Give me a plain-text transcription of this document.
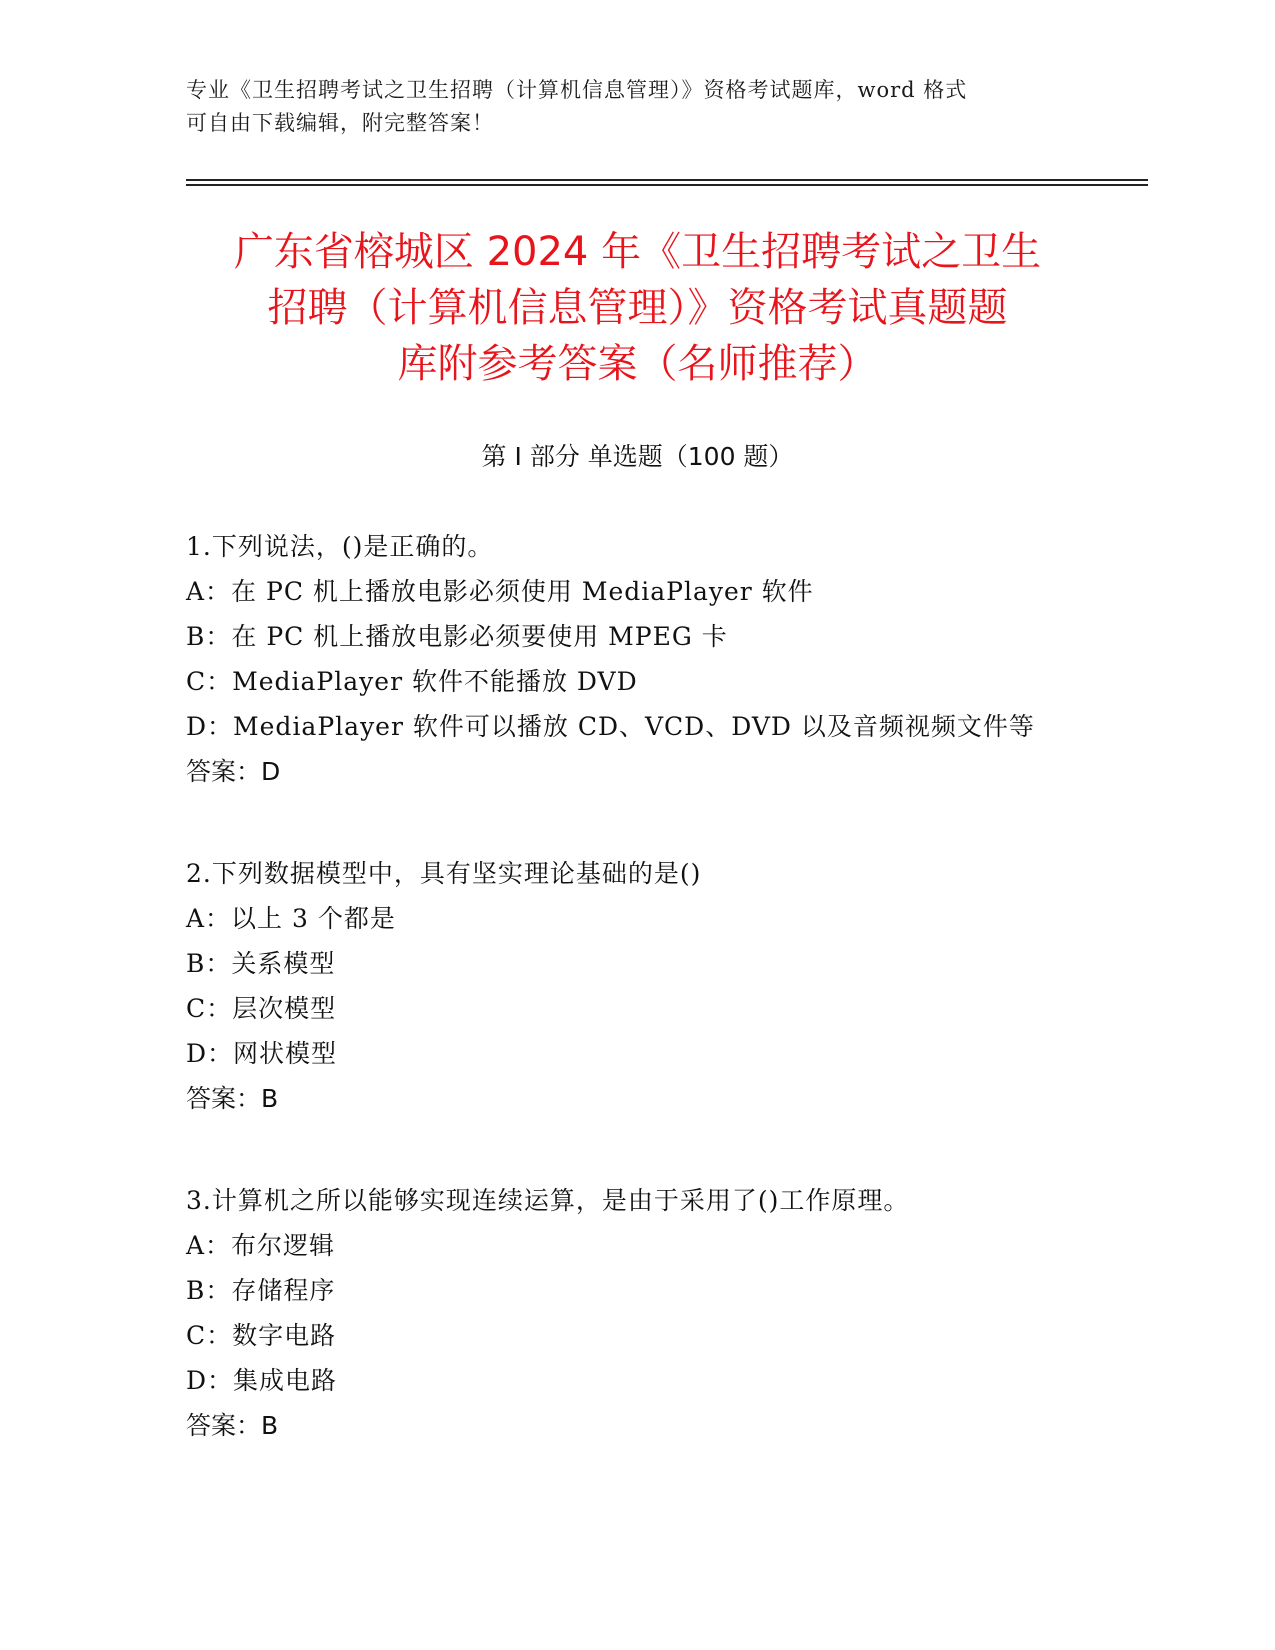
专业《卫生招聘考试之卫生招聘（计算机信息管理）》资格考试题库，word 格式
可自由下载编辑，附完整答案！
广东省榕城区 2024 年《卫生招聘考试之卫生
招聘（计算机信息管理）》资格考试真题题
库附参考答案（名师推荐）
第 I 部分 单选题（100 题）
1.下列说法，()是正确的。
A：在 PC 机上播放电影必须使用 MediaPlayer 软件
B：在 PC 机上播放电影必须要使用 MPEG 卡
C：MediaPlayer 软件不能播放 DVD
D：MediaPlayer 软件可以播放 CD、VCD、DVD 以及音频视频文件等
答案：D
2.下列数据模型中，具有坚实理论基础的是()
A：以上 3 个都是
B：关系模型
C：层次模型
D：网状模型
答案：B
3.计算机之所以能够实现连续运算，是由于采用了()工作原理。
A：布尔逻辑
B：存储程序
C：数字电路
D：集成电路
答案：B
